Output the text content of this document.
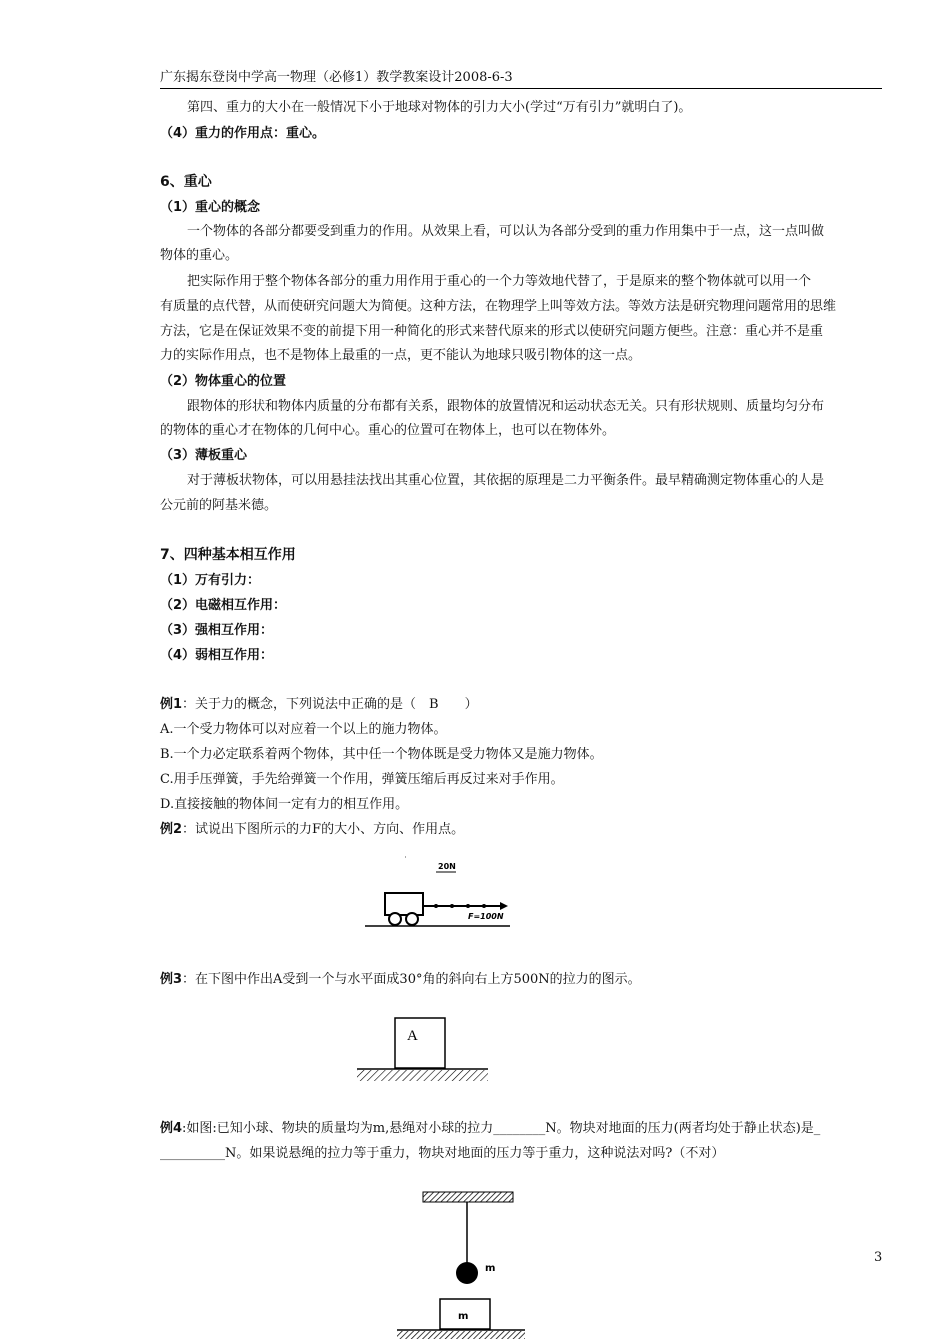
广东揭东登岗中学高一物理（必修1）教学教案设计2008-6-3
第四、重力的大小在一般情况下小于地球对物体的引力大小(学过“万有引力”就明白了)。
（4）重力的作用点：重心。
6、重心
（1）重心的概念
一个物体的各部分都要受到重力的作用。从效果上看，可以认为各部分受到的重力作用集中于一点，这一点叫做
物体的重心。
把实际作用于整个物体各部分的重力用作用于重心的一个力等效地代替了，于是原来的整个物体就可以用一个
有质量的点代替，从而使研究问题大为简便。这种方法，在物理学上叫等效方法。等效方法是研究物理问题常用的思维
方法，它是在保证效果不变的前提下用一种简化的形式来替代原来的形式以使研究问题方便些。注意：重心并不是重
力的实际作用点，也不是物体上最重的一点，更不能认为地球只吸引物体的这一点。
（2）物体重心的位置
跟物体的形状和物体内质量的分布都有关系，跟物体的放置情况和运动状态无关。只有形状规则、质量均匀分布
的物体的重心才在物体的几何中心。重心的位置可在物体上，也可以在物体外。
（3）薄板重心
对于薄板状物体，可以用悬挂法找出其重心位置，其依据的原理是二力平衡条件。最早精确测定物体重心的人是
公元前的阿基米德。
7、四种基本相互作用
（1）万有引力：
（2）电磁相互作用：
（3）强相互作用：
（4）弱相互作用：
例1：关于力的概念，下列说法中正确的是（　B　　）
A.一个受力物体可以对应着一个以上的施力物体。
B.一个力必定联系着两个物体，其中任一个物体既是受力物体又是施力物体。
C.用手压弹簧，手先给弹簧一个作用，弹簧压缩后再反过来对手作用。
D.直接接触的物体间一定有力的相互作用。
例2：试说出下图所示的力F的大小、方向、作用点。
20N
F=100N
例3：在下图中作出A受到一个与水平面成30°角的斜向右上方500N的拉力的图示。
A
例4:如图:已知小球、物块的质量均为m,悬绳对小球的拉力________N。物块对地面的压力(两者均处于静止状态)是_
__________N。如果说悬绳的拉力等于重力，物块对地面的压力等于重力，这种说法对吗?（不对）
m
m
3
